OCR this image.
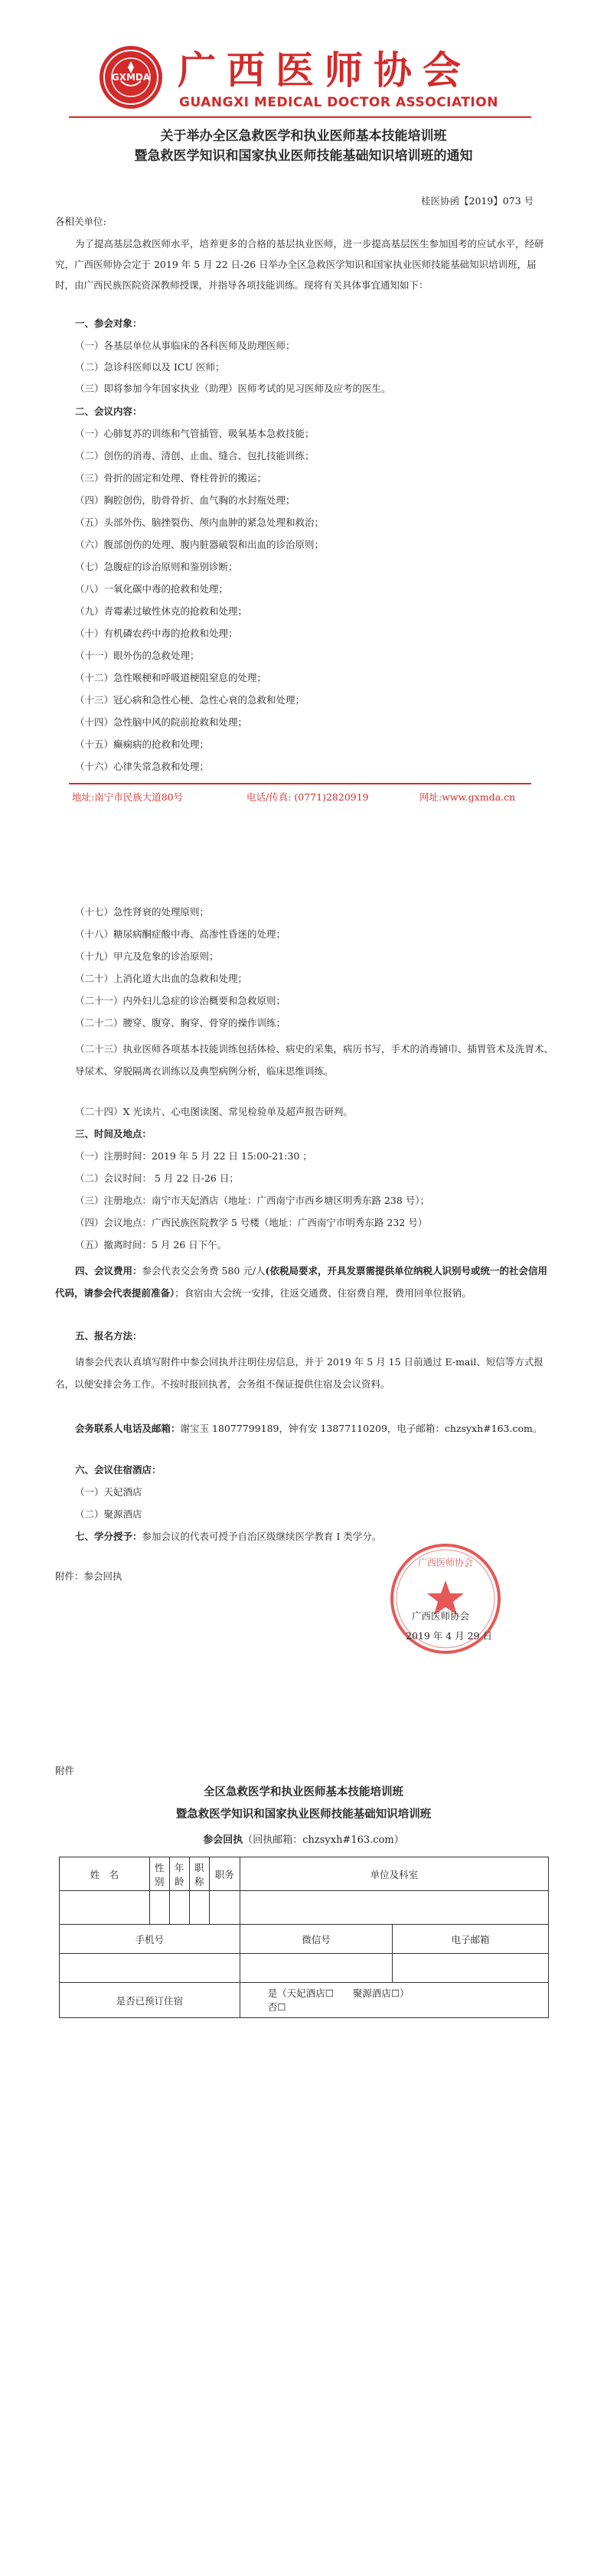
GXMDA 广西医师协会
GUANGXI MEDICAL DOCTOR ASSOCIATION
关于举办全区急救医学和执业医师基本技能培训班
暨急救医学知识和国家执业医师技能基础知识培训班的通知
桂医协函【2019】073 号
各相关单位:
为了提高基层急救医师水平，培养更多的合格的基层执业医师，进一步提高基层医生参加国考的应试水平，经研究，广西医师协会定于 2019 年 5 月 22 日-26 日举办全区急救医学知识和国家执业医师技能基础知识培训班，届时，由广西民族医院资深教师授课，并指导各项技能训练。现将有关具体事宜通知如下：
一、参会对象：
（一）各基层单位从事临床的各科医师及助理医师；
（二）急诊科医师以及 ICU 医师；
（三）即将参加今年国家执业（助理）医师考试的见习医师及应考的医生。
二、会议内容：
（一）心肺复苏的训练和气管插管、吸氧基本急救技能；
（二）创伤的消毒、清创、止血、缝合、包扎技能训练；
（三）骨折的固定和处理、脊柱骨折的搬运；
（四）胸腔创伤，肋骨骨折、血气胸的水封瓶处理；
（五）头部外伤、脑挫裂伤、颅内血肿的紧急处理和救治；
（六）腹部创伤的处理、腹内脏器破裂和出血的诊治原则；
（七）急腹症的诊治原则和鉴别诊断；
（八）一氧化碳中毒的抢救和处理；
（九）青霉素过敏性休克的抢救和处理；
（十）有机磷农药中毒的抢救和处理；
（十一）眼外伤的急救处理；
（十二）急性喉梗和呼吸道梗阻窒息的处理；
（十三）冠心病和急性心梗、急性心衰的急救和处理；
（十四）急性脑中风的院前抢救和处理；
（十五）癫痫病的抢救和处理；
（十六）心律失常急救和处理；
地址:南宁市民族大道80号	电话/传真: (0771)2820919	网址:www.gxmda.cn
（十七）急性肾衰的处理原则；
（十八）糖尿病酮症酸中毒、高渗性昏迷的处理；
（十九）甲亢及危象的诊治原则；
（二十）上消化道大出血的急救和处理；
（二十一）内外妇儿急症的诊治概要和急救原则；
（二十二）腰穿、腹穿、胸穿、骨穿的操作训练；
（二十三）执业医师各项基本技能训练包括体检、病史的采集，病历书写，手术的消毒铺巾、插胃管术及洗胃术、导尿术、穿脱隔离衣训练以及典型病例分析，临床思维训练。
（二十四）X 光读片、心电图读图、常见检验单及超声报告研判。
三、时间及地点：
（一）注册时间：2019 年 5 月 22 日 15:00-21:30 ；
（二）会议时间： 5 月 22 日-26 日；
（三）注册地点：南宁市天妃酒店（地址：广西南宁市西乡塘区明秀东路 238 号）；
（四）会议地点：广西民族医院教学 5 号楼（地址：广西南宁市明秀东路 232 号）
（五）撤离时间：5 月 26 日下午。
四、会议费用：参会代表交会务费 580 元/人(依税局要求，开具发票需提供单位纳税人识别号或统一的社会信用代码，请参会代表提前准备）；食宿由大会统一安排，往返交通费、住宿费自理，费用回单位报销。
五、报名方法：
请参会代表认真填写附件中参会回执并注明住房信息，并于 2019 年 5 月 15 日前通过 E-mail、短信等方式报名，以便安排会务工作。不按时报回执者，会务组不保证提供住宿及会议资料。
会务联系人电话及邮箱：谢宝玉 18077799189，钟有安 13877110209，电子邮箱：chzsyxh#163.com。
六、会议住宿酒店：
（一）天妃酒店
（二）聚源酒店
七、学分授予：参加会议的代表可授予自治区级继续医学教育 I 类学分。
附件：参会回执
广西医师协会
广西医师协会
2019 年 4 月 29 日
附件
全区急救医学和执业医师基本技能培训班
暨急救医学知识和国家执业医师技能基础知识培训班
参会回执（回执邮箱：chzsyxh#163.com）
姓　名	性别	年龄	职称	职务	单位及科室	

手机号					微信号	电子邮箱

是否已预订住宿					是（天妃酒店☐　　聚源酒店☐）
否☐	
